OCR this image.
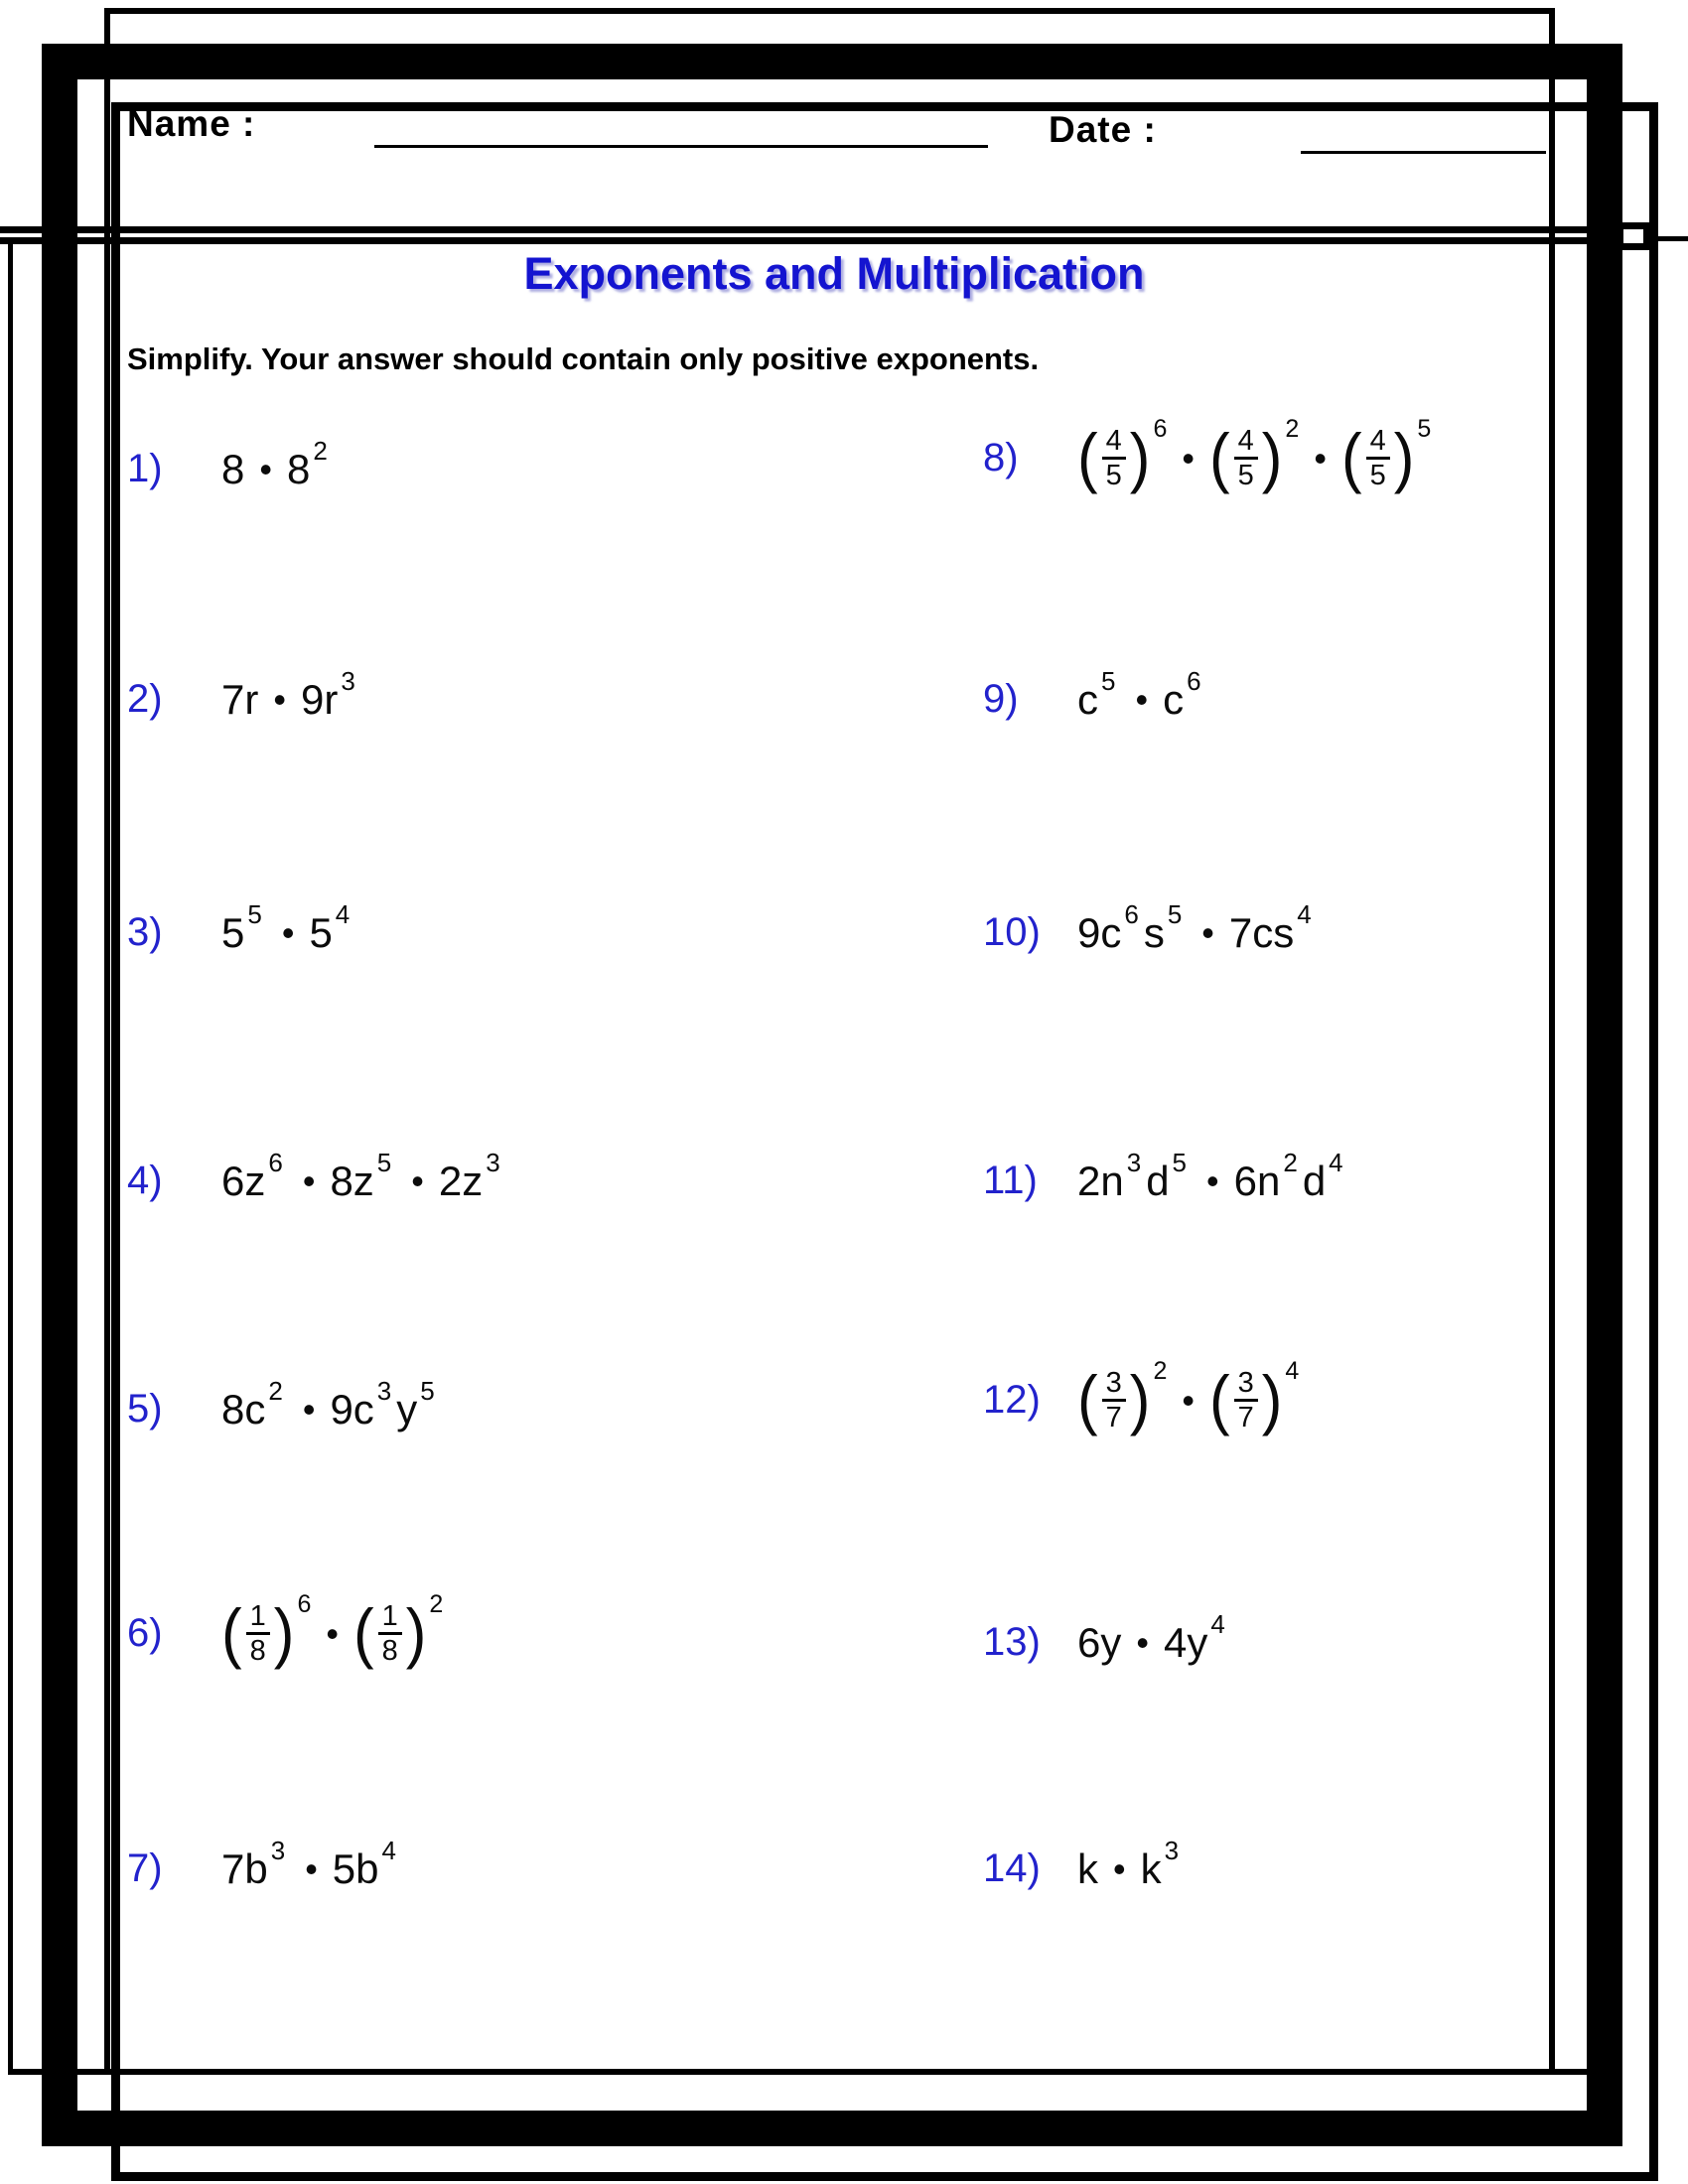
Name :	Date :
Exponents and Multiplication
Simplify. Your answer should contain only positive exponents.
1)	8 • 8 2
2)	7r • 9r 3
3)	5 5 • 5 4
4)	6z 6 • 8z 5 • 2z 3
5)	8c 2 • 9c 3 y 5
6) ( $\frac{1}{8}$ ) 6
• ( $\frac{1}{8}$ ) 2
7)	7b 3 • 5b 4
8) ( $\frac{4}{5}$ ) 6
• ( $\frac{4}{5}$ ) 2
• ( $\frac{4}{5}$ ) 5
9)	c 5 • c 6
10) 9c 6 s 5 • 7cs 4
11) 2n 3 d 5 • 6n 2 d 4
12) ( $\frac{3}{7}$ ) 2
• ( $\frac{3}{7}$ ) 4
13) 6y • 4y 4
14) k • k 3
